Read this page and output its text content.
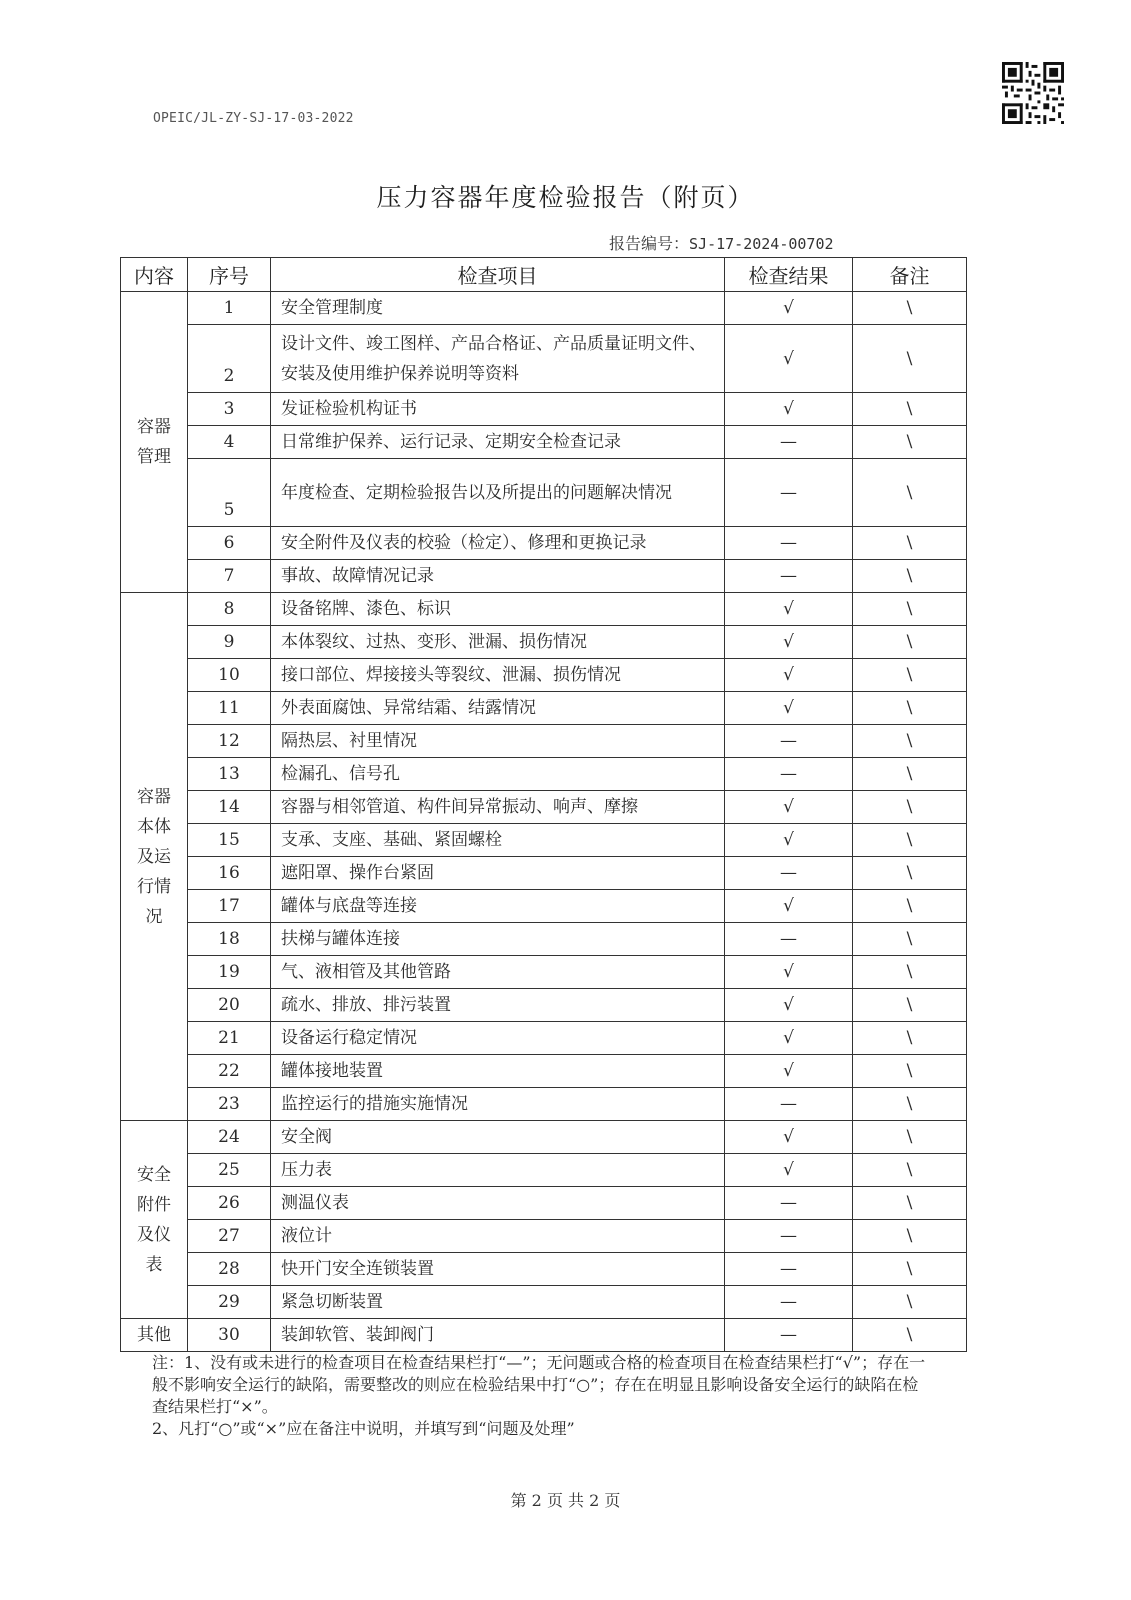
OPEIC/JL-ZY-SJ-17-03-2022
压力容器年度检验报告（附页）
报告编号：SJ-17-2024-00702
内容	序号	检查项目	检查结果	备注

容器
管理	1	安全管理制度	√	\
	2	设计文件、竣工图样、产品合格证、产品质量证明文件、安装及使用维护保养说明等资料	√	\
	3	发证检验机构证书	√	\
	4	日常维护保养、运行记录、定期安全检查记录	—	\
	5	年度检查、定期检验报告以及所提出的问题解决情况	—	\
	6	安全附件及仪表的校验（检定）、修理和更换记录	—	\
	7	事故、故障情况记录	—	\

容器
本体
及运
行情
况	8	设备铭牌、漆色、标识	√	\
	9	本体裂纹、过热、变形、泄漏、损伤情况	√	\
	10	接口部位、焊接接头等裂纹、泄漏、损伤情况	√	\
	11	外表面腐蚀、异常结霜、结露情况	√	\
	12	隔热层、衬里情况	—	\
	13	检漏孔、信号孔	—	\
	14	容器与相邻管道、构件间异常振动、响声、摩擦	√	\
	15	支承、支座、基础、紧固螺栓	√	\
	16	遮阳罩、操作台紧固	—	\
	17	罐体与底盘等连接	√	\
	18	扶梯与罐体连接	—	\
	19	气、液相管及其他管路	√	\
	20	疏水、排放、排污装置	√	\
	21	设备运行稳定情况	√	\
	22	罐体接地装置	√	\
	23	监控运行的措施实施情况	—	\

安全
附件
及仪
表	24	安全阀	√	\
	25	压力表	√	\
	26	测温仪表	—	\
	27	液位计	—	\
	28	快开门安全连锁装置	—	\
	29	紧急切断装置	—	\

其他	30	装卸软管、装卸阀门	—	\

注：1、没有或未进行的检查项目在检查结果栏打“—”；无问题或合格的检查项目在检查结果栏打“√”；存在一般不影响安全运行的缺陷，需要整改的则应在检验结果中打“○”；存在在明显且影响设备安全运行的缺陷在检查结果栏打“×”。

2、凡打“○”或“×”应在备注中说明，并填写到“问题及处理”

第 2 页 共 2 页
